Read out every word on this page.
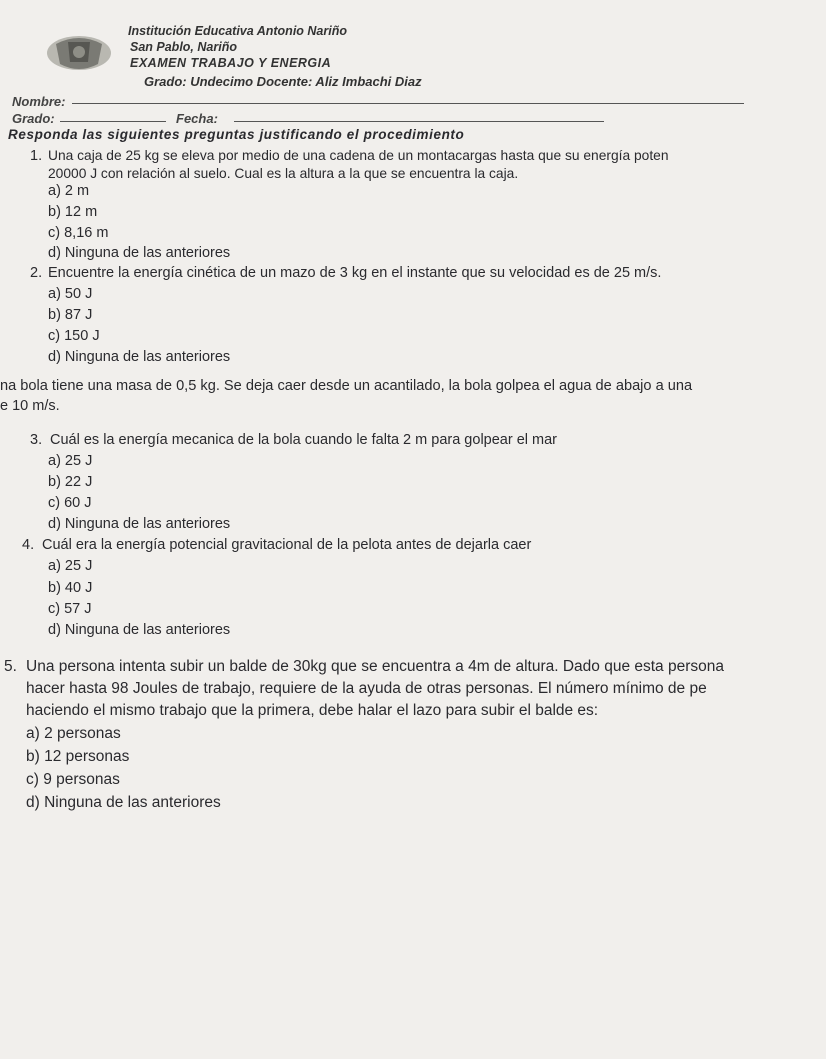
Institución Educativa Antonio Nariño
San Pablo, Nariño
EXAMEN TRABAJO Y ENERGIA
Grado: Undecimo Docente: Aliz Imbachi Diaz
Nombre:
Grado:	Fecha:
Responda las siguientes preguntas justificando el procedimiento
1. Una caja de 25 kg se eleva por medio de una cadena de un montacargas hasta que su energía poten
20000 J con relación al suelo. Cual es la altura a la que se encuentra la caja.
a) 2 m
b) 12 m
c) 8,16 m
d) Ninguna de las anteriores
2. Encuentre la energía cinética de un mazo de 3 kg en el instante que su velocidad es de 25 m/s.
a) 50 J
b) 87 J
c) 150 J
d) Ninguna de las anteriores
na bola tiene una masa de 0,5 kg. Se deja caer desde un acantilado, la bola golpea el agua de abajo a una
e 10 m/s.
3. Cuál es la energía mecanica de la bola cuando le falta 2 m para golpear el mar
a) 25 J
b) 22 J
c) 60 J
d) Ninguna de las anteriores
4. Cuál era la energía potencial gravitacional de la pelota antes de dejarla caer
a) 25 J
b) 40 J
c) 57 J
d) Ninguna de las anteriores
5. Una persona intenta subir un balde de 30kg que se encuentra a 4m de altura. Dado que esta persona
hacer hasta 98 Joules de trabajo, requiere de la ayuda de otras personas. El número mínimo de pe
haciendo el mismo trabajo que la primera, debe halar el lazo para subir el balde es:
a) 2 personas
b) 12 personas
c) 9 personas
d) Ninguna de las anteriores
